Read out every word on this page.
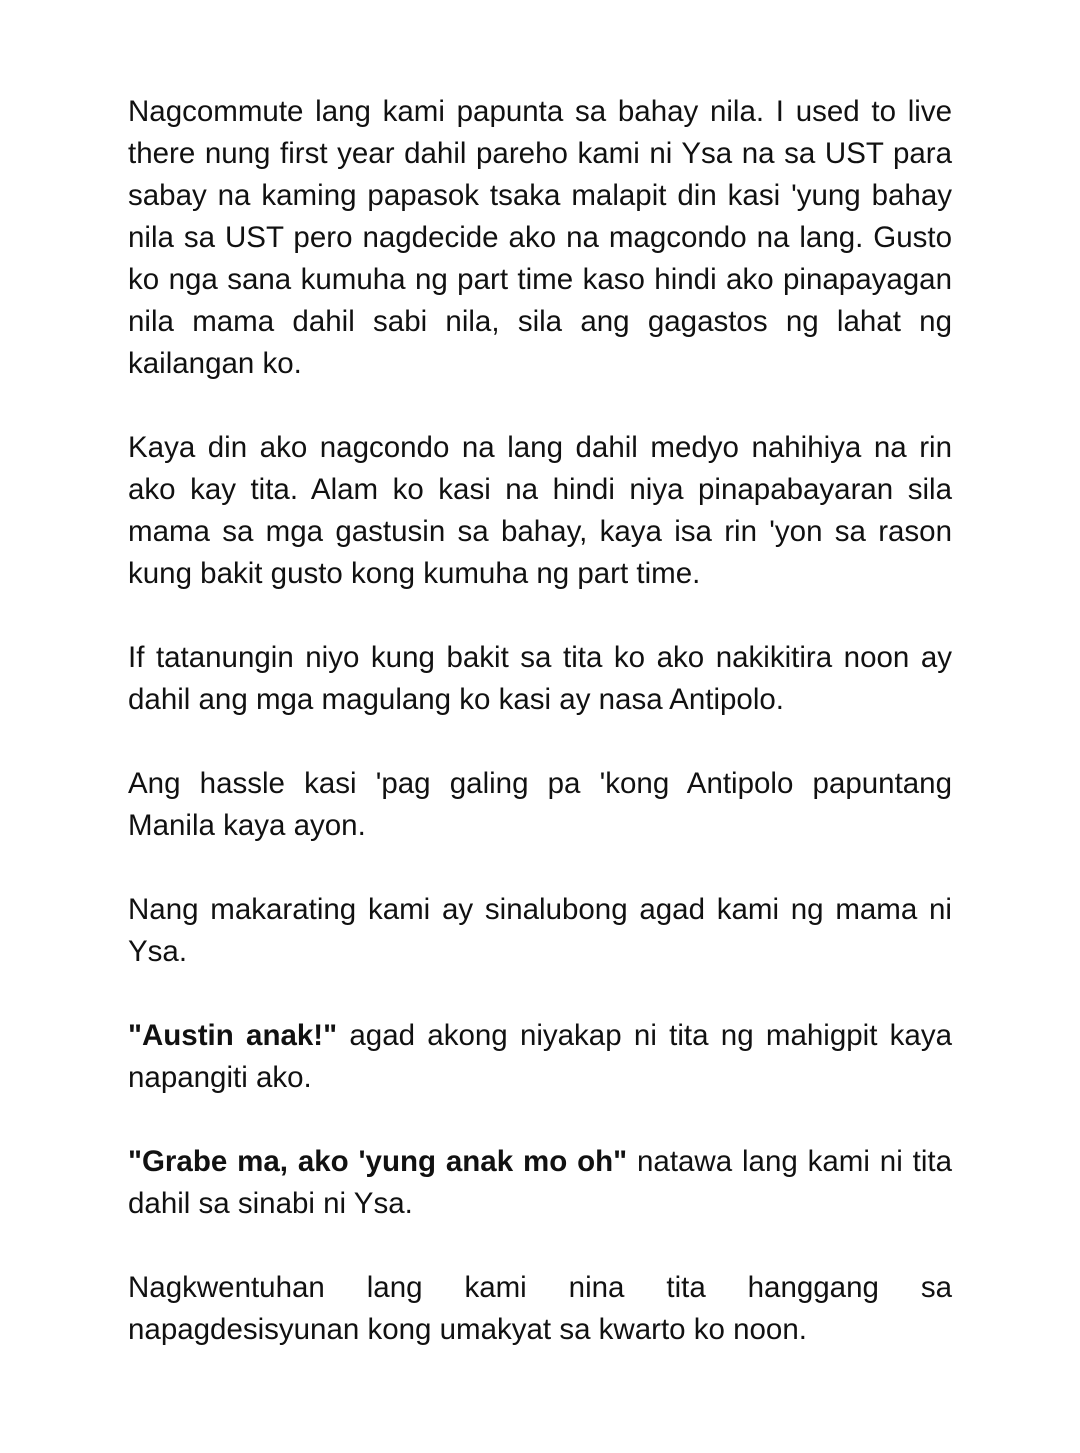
Nagcommute lang kami papunta sa bahay nila. I used to live there nung first year dahil pareho kami ni Ysa na sa UST para sabay na kaming papasok tsaka malapit din kasi 'yung bahay nila sa UST pero nagdecide ako na magcondo na lang. Gusto ko nga sana kumuha ng part time kaso hindi ako pinapayagan nila mama dahil sabi nila, sila ang gagastos ng lahat ng kailangan ko.

Kaya din ako nagcondo na lang dahil medyo nahihiya na rin ako kay tita. Alam ko kasi na hindi niya pinapabayaran sila mama sa mga gastusin sa bahay, kaya isa rin 'yon sa rason kung bakit gusto kong kumuha ng part time.

If tatanungin niyo kung bakit sa tita ko ako nakikitira noon ay dahil ang mga magulang ko kasi ay nasa Antipolo.

Ang hassle kasi 'pag galing pa 'kong Antipolo papuntang Manila kaya ayon.

Nang makarating kami ay sinalubong agad kami ng mama ni Ysa.

"Austin anak!" agad akong niyakap ni tita ng mahigpit kaya napangiti ako.

"Grabe ma, ako 'yung anak mo oh" natawa lang kami ni tita dahil sa sinabi ni Ysa.

Nagkwentuhan lang kami nina tita hanggang sa napagdesisyunan kong umakyat sa kwarto ko noon.
